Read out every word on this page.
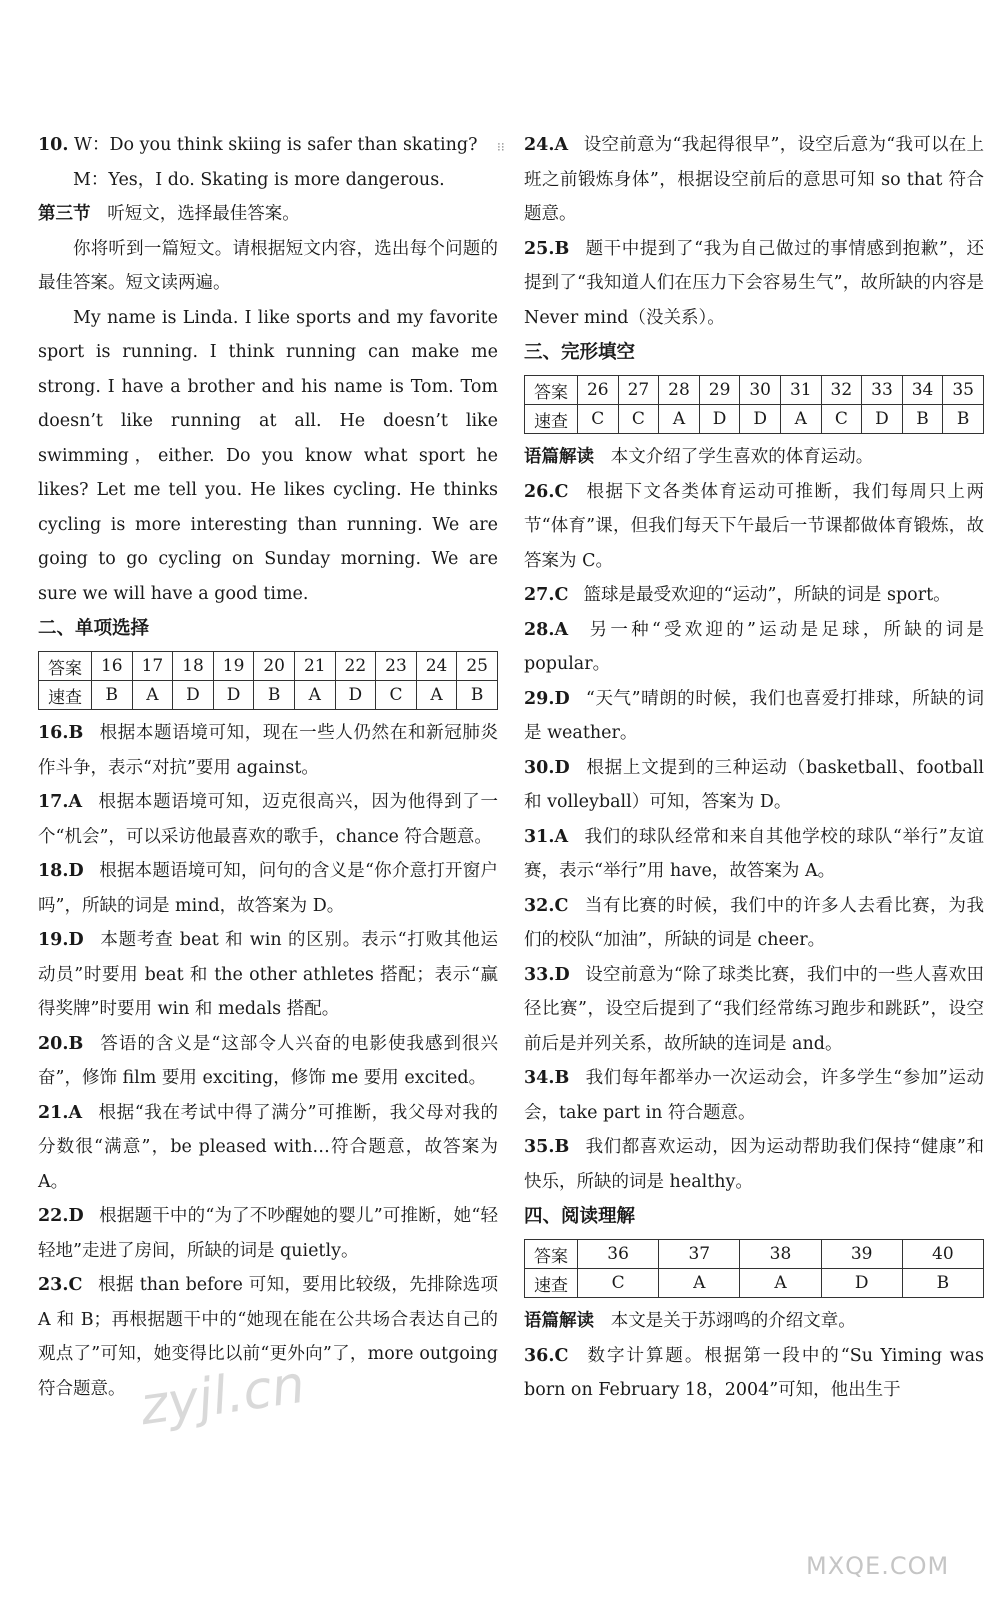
⁝⁝

10. W：Do you think skiing is safer than skating?

M：Yes，I do. Skating is more dangerous.

第三节 听短文，选择最佳答案。

你将听到一篇短文。请根据短文内容，选出每个问题的最佳答案。短文读两遍。

My name is Linda. I like sports and my favorite sport is running. I think running can make me strong. I have a brother and his name is Tom. Tom doesn’t like running at all. He doesn’t like swimming，either. Do you know what sport he likes? Let me tell you. He likes cycling. He thinks cycling is more interesting than running. We are going to go cycling on Sunday morning. We are sure we will have a good time.

二、单项选择

答案	16	17	18	19	20	21	22	23	24	25
速查	B	A	D	D	B	A	D	C	A	B

16.B 根据本题语境可知，现在一些人仍然在和新冠肺炎作斗争，表示“对抗”要用 against。

17.A 根据本题语境可知，迈克很高兴，因为他得到了一个“机会”，可以采访他最喜欢的歌手，chance 符合题意。

18.D 根据本题语境可知，问句的含义是“你介意打开窗户吗”，所缺的词是 mind，故答案为 D。

19.D 本题考查 beat 和 win 的区别。表示“打败其他运动员”时要用 beat 和 the other athletes 搭配；表示“赢得奖牌”时要用 win 和 medals 搭配。

20.B 答语的含义是“这部令人兴奋的电影使我感到很兴奋”，修饰 film 要用 exciting，修饰 me 要用 excited。

21.A 根据“我在考试中得了满分”可推断，我父母对我的分数很“满意”，be pleased with…符合题意，故答案为 A。

22.D 根据题干中的“为了不吵醒她的婴儿”可推断，她“轻轻地”走进了房间，所缺的词是 quietly。

23.C 根据 than before 可知，要用比较级，先排除选项 A 和 B；再根据题干中的“她现在能在公共场合表达自己的观点了”可知，她变得比以前“更外向”了，more outgoing 符合题意。

24.A 设空前意为“我起得很早”，设空后意为“我可以在上班之前锻炼身体”，根据设空前后的意思可知 so that 符合题意。

25.B 题干中提到了“我为自己做过的事情感到抱歉”，还提到了“我知道人们在压力下会容易生气”，故所缺的内容是 Never mind（没关系）。

三、完形填空

答案	26	27	28	29	30	31	32	33	34	35
速查	C	C	A	D	D	A	C	D	B	B

语篇解读 本文介绍了学生喜欢的体育运动。

26.C 根据下文各类体育运动可推断，我们每周只上两节“体育”课，但我们每天下午最后一节课都做体育锻炼，故答案为 C。

27.C 篮球是最受欢迎的“运动”，所缺的词是 sport。

28.A 另一种“受欢迎的”运动是足球，所缺的词是 popular。

29.D “天气”晴朗的时候，我们也喜爱打排球，所缺的词是 weather。

30.D 根据上文提到的三种运动（basketball、football 和 volleyball）可知，答案为 D。

31.A 我们的球队经常和来自其他学校的球队“举行”友谊赛，表示“举行”用 have，故答案为 A。

32.C 当有比赛的时候，我们中的许多人去看比赛，为我们的校队“加油”，所缺的词是 cheer。

33.D 设空前意为“除了球类比赛，我们中的一些人喜欢田径比赛”，设空后提到了“我们经常练习跑步和跳跃”，设空前后是并列关系，故所缺的连词是 and。

34.B 我们每年都举办一次运动会，许多学生“参加”运动会，take part in 符合题意。

35.B 我们都喜欢运动，因为运动帮助我们保持“健康”和快乐，所缺的词是 healthy。

四、阅读理解

答案	36	37	38	39	40
速查	C	A	A	D	B

语篇解读 本文是关于苏翊鸣的介绍文章。

36.C 数字计算题。根据第一段中的“Su Yiming was born on February 18，2004”可知，他出生于

zyjl.cn
MXQE.COM
